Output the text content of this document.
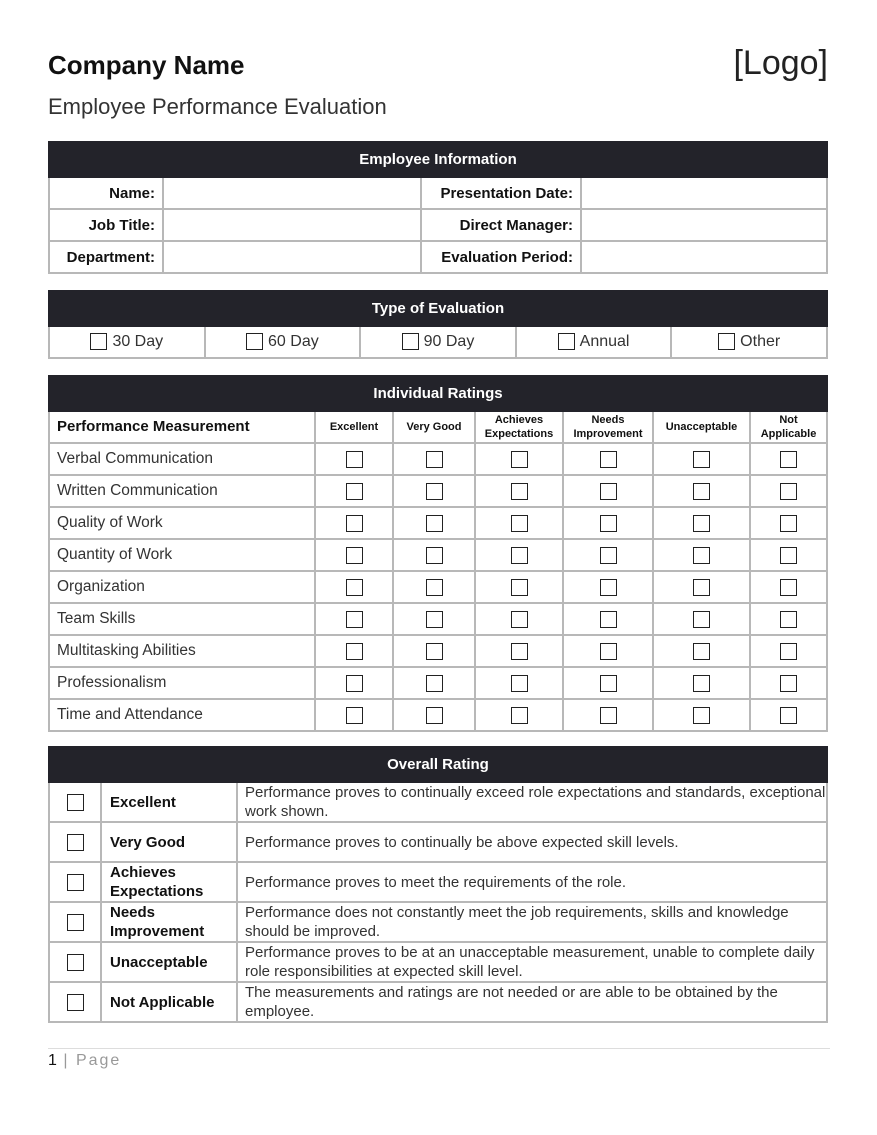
Company Name	[Logo]
Employee Performance Evaluation
Employee Information			
Name:		Presentation Date:	
Job Title:		Direct Manager:	
Department:		Evaluation Period:	
Type of Evaluation
30 Day	60 Day	90 Day	Annual	Other
Individual Ratings						
Performance Measurement	Excellent	Very Good	Achieves Expectations	Needs Improvement	Unacceptable	Not Applicable
Verbal Communication						
Written Communication						
Quality of Work						
Quantity of Work						
Organization						
Team Skills						
Multitasking Abilities						
Professionalism						
Time and Attendance						
Overall Rating		
	Excellent	Performance proves to continually exceed role expectations and standards, exceptional work shown.
	Very Good	Performance proves to continually be above expected skill levels.
	Achieves Expectations	Performance proves to meet the requirements of the role.
	Needs Improvement	Performance does not constantly meet the job requirements, skills and knowledge should be improved.
	Unacceptable	Performance proves to be at an unacceptable measurement, unable to complete daily role responsibilities at expected skill level.
	Not Applicable	The measurements and ratings are not needed or are able to be obtained by the employee.
1 | Page
